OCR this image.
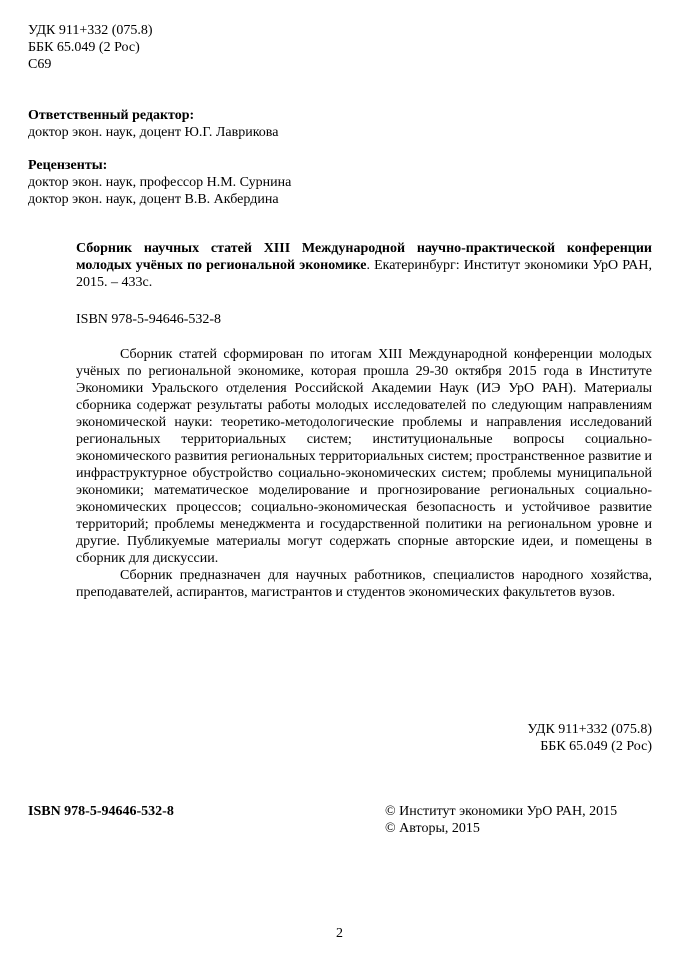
УДК 911+332 (075.8)
ББК 65.049 (2 Рос)
С69
Ответственный редактор:
доктор экон. наук, доцент Ю.Г. Лаврикова
Рецензенты:
доктор экон. наук, профессор Н.М. Сурнина
доктор экон. наук, доцент В.В. Акбердина
Сборник научных статей XIII Международной научно-практической конференции молодых учёных по региональной экономике. Екатеринбург: Институт экономики УрО РАН, 2015. – 433с.
ISBN 978-5-94646-532-8

Сборник статей сформирован по итогам XIII Международной конференции молодых учёных по региональной экономике, которая прошла 29-30 октября 2015 года в Институте Экономики Уральского отделения Российской Академии Наук (ИЭ УрО РАН). Материалы сборника содержат результаты работы молодых исследователей по следующим направлениям экономической науки: теоретико-методологические проблемы и направления исследований региональных территориальных систем; институциональные вопросы социально-экономического развития региональных территориальных систем; пространственное развитие и инфраструктурное обустройство социально-экономических систем; проблемы муниципальной экономики; математическое моделирование и прогнозирование региональных социально-экономических процессов; социально-экономическая безопасность и устойчивое развитие территорий; проблемы менеджмента и государственной политики на региональном уровне и другие. Публикуемые материалы могут содержать спорные авторские идеи, и помещены в сборник для дискуссии.

Сборник предназначен для научных работников, специалистов народного хозяйства, преподавателей, аспирантов, магистрантов и студентов экономических факультетов вузов.

УДК 911+332 (075.8)
ББК 65.049 (2 Рос)
ISBN 978-5-94646-532-8	© Институт экономики УрО РАН, 2015
© Авторы, 2015
2
